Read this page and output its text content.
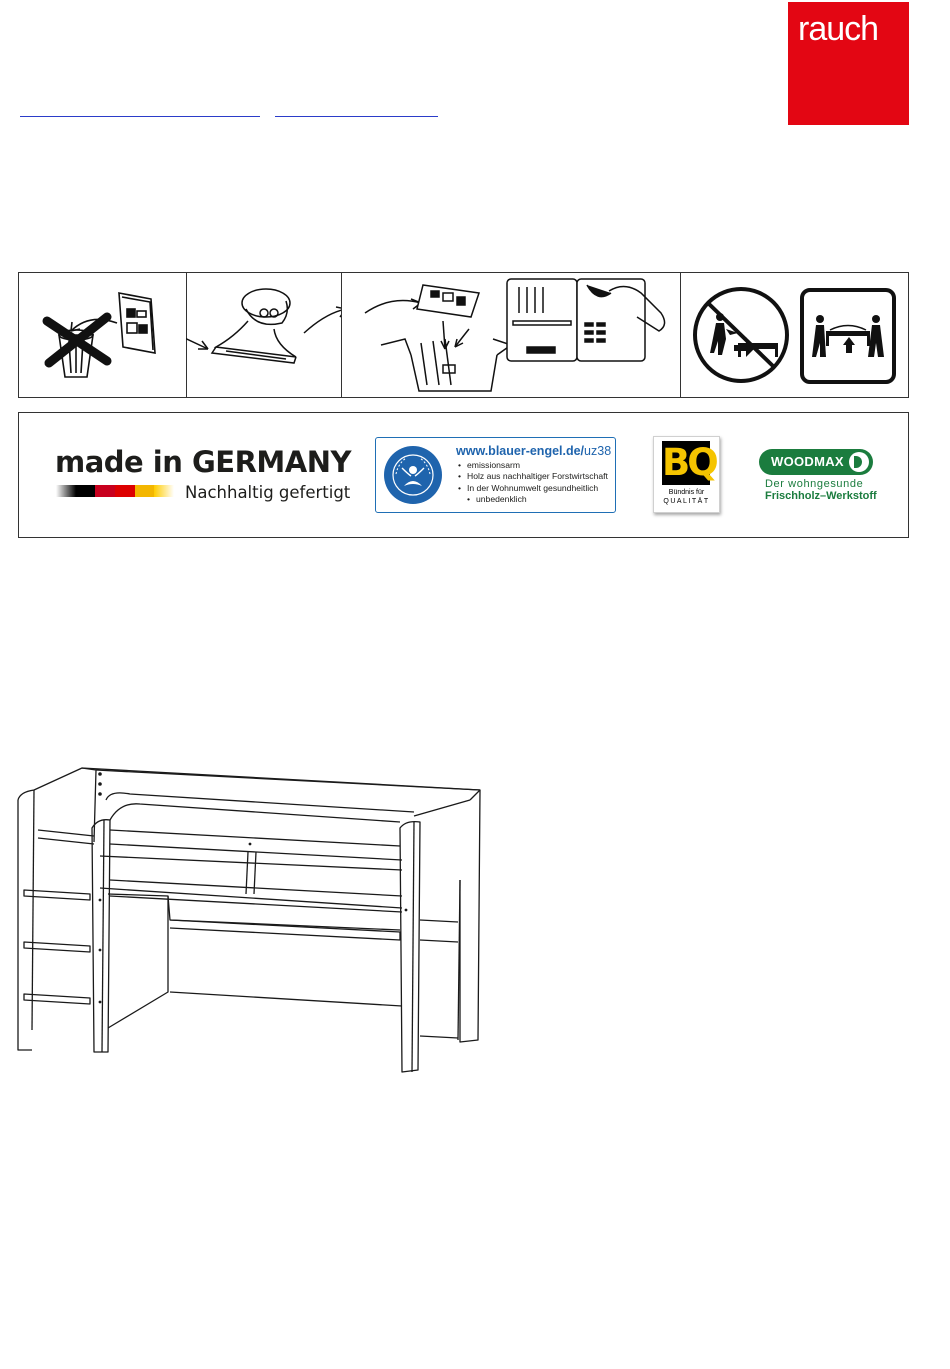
rauch
made in GERMANY
Nachhaltig gefertigt
www.blauer-engel.de/uz38
• emissionsarm
• Holz aus nachhaltiger Forstwirtschaft
• In der Wohnumwelt gesundheitlich
• unbedenklich
BQ
Bündnis für
QUALITÄT
WOODMAX
Der wohngesunde
Frischholz–Werkstoff
